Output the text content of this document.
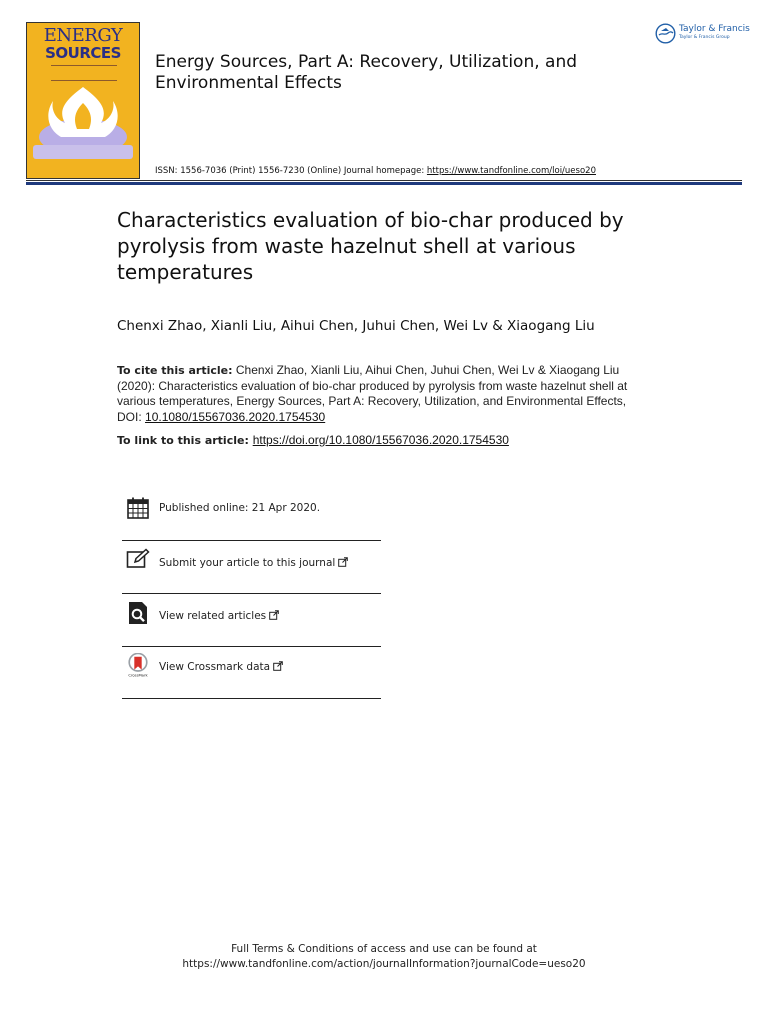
ENERGY
SOURCES	Energy Sources, Part A: Recovery, Utilization, and Environmental Effects
Taylor & Francis
Taylor & Francis Group
ISSN: 1556-7036 (Print) 1556-7230 (Online) Journal homepage: https://www.tandfonline.com/loi/ueso20
Characteristics evaluation of bio-char produced by pyrolysis from waste hazelnut shell at various temperatures
Chenxi Zhao, Xianli Liu, Aihui Chen, Juhui Chen, Wei Lv & Xiaogang Liu
To cite this article: Chenxi Zhao, Xianli Liu, Aihui Chen, Juhui Chen, Wei Lv & Xiaogang Liu (2020): Characteristics evaluation of bio-char produced by pyrolysis from waste hazelnut shell at various temperatures, Energy Sources, Part A: Recovery, Utilization, and Environmental Effects, DOI: 10.1080/15567036.2020.1754530
To link to this article: https://doi.org/10.1080/15567036.2020.1754530
Published online: 21 Apr 2020.
Submit your article to this journal
View related articles
CrossMark
View Crossmark data
Full Terms & Conditions of access and use can be found at
https://www.tandfonline.com/action/journalInformation?journalCode=ueso20
